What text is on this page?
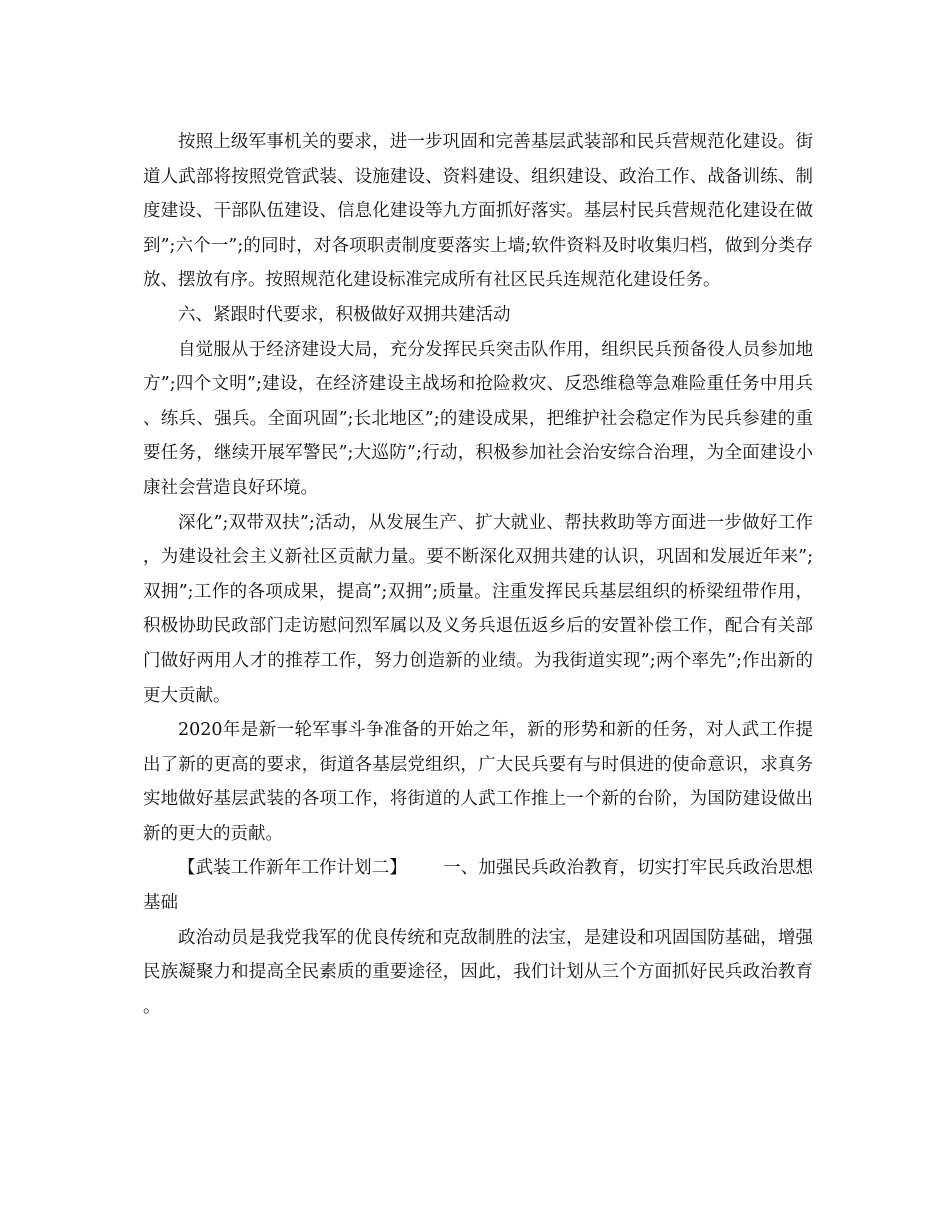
按照上级军事机关的要求，进一步巩固和完善基层武装部和民兵营规范化建设。街道人武部将按照党管武装、设施建设、资料建设、组织建设、政治工作、战备训练、制度建设、干部队伍建设、信息化建设等九方面抓好落实。基层村民兵营规范化建设在做到”;六个一”;的同时，对各项职责制度要落实上墙;软件资料及时收集归档，做到分类存放、摆放有序。按照规范化建设标准完成所有社区民兵连规范化建设任务。

六、紧跟时代要求，积极做好双拥共建活动

自觉服从于经济建设大局，充分发挥民兵突击队作用，组织民兵预备役人员参加地方”;四个文明”;建设，在经济建设主战场和抢险救灾、反恐维稳等急难险重任务中用兵、练兵、强兵。全面巩固”;长北地区”;的建设成果，把维护社会稳定作为民兵参建的重要任务，继续开展军警民”;大巡防”;行动，积极参加社会治安综合治理，为全面建设小康社会营造良好环境。

深化”;双带双扶”;活动，从发展生产、扩大就业、帮扶救助等方面进一步做好工作，为建设社会主义新社区贡献力量。要不断深化双拥共建的认识，巩固和发展近年来”;双拥”;工作的各项成果，提高”;双拥”;质量。注重发挥民兵基层组织的桥梁纽带作用，积极协助民政部门走访慰问烈军属以及义务兵退伍返乡后的安置补偿工作，配合有关部门做好两用人才的推荐工作，努力创造新的业绩。为我街道实现”;两个率先”;作出新的更大贡献。

2020年是新一轮军事斗争准备的开始之年，新的形势和新的任务，对人武工作提出了新的更高的要求，街道各基层党组织，广大民兵要有与时俱进的使命意识，求真务实地做好基层武装的各项工作，将街道的人武工作推上一个新的台阶，为国防建设做出新的更大的贡献。

【武装工作新年工作计划二】 一、加强民兵政治教育，切实打牢民兵政治思想基础

政治动员是我党我军的优良传统和克敌制胜的法宝，是建设和巩固国防基础，增强民族凝聚力和提高全民素质的重要途径，因此，我们计划从三个方面抓好民兵政治教育。
